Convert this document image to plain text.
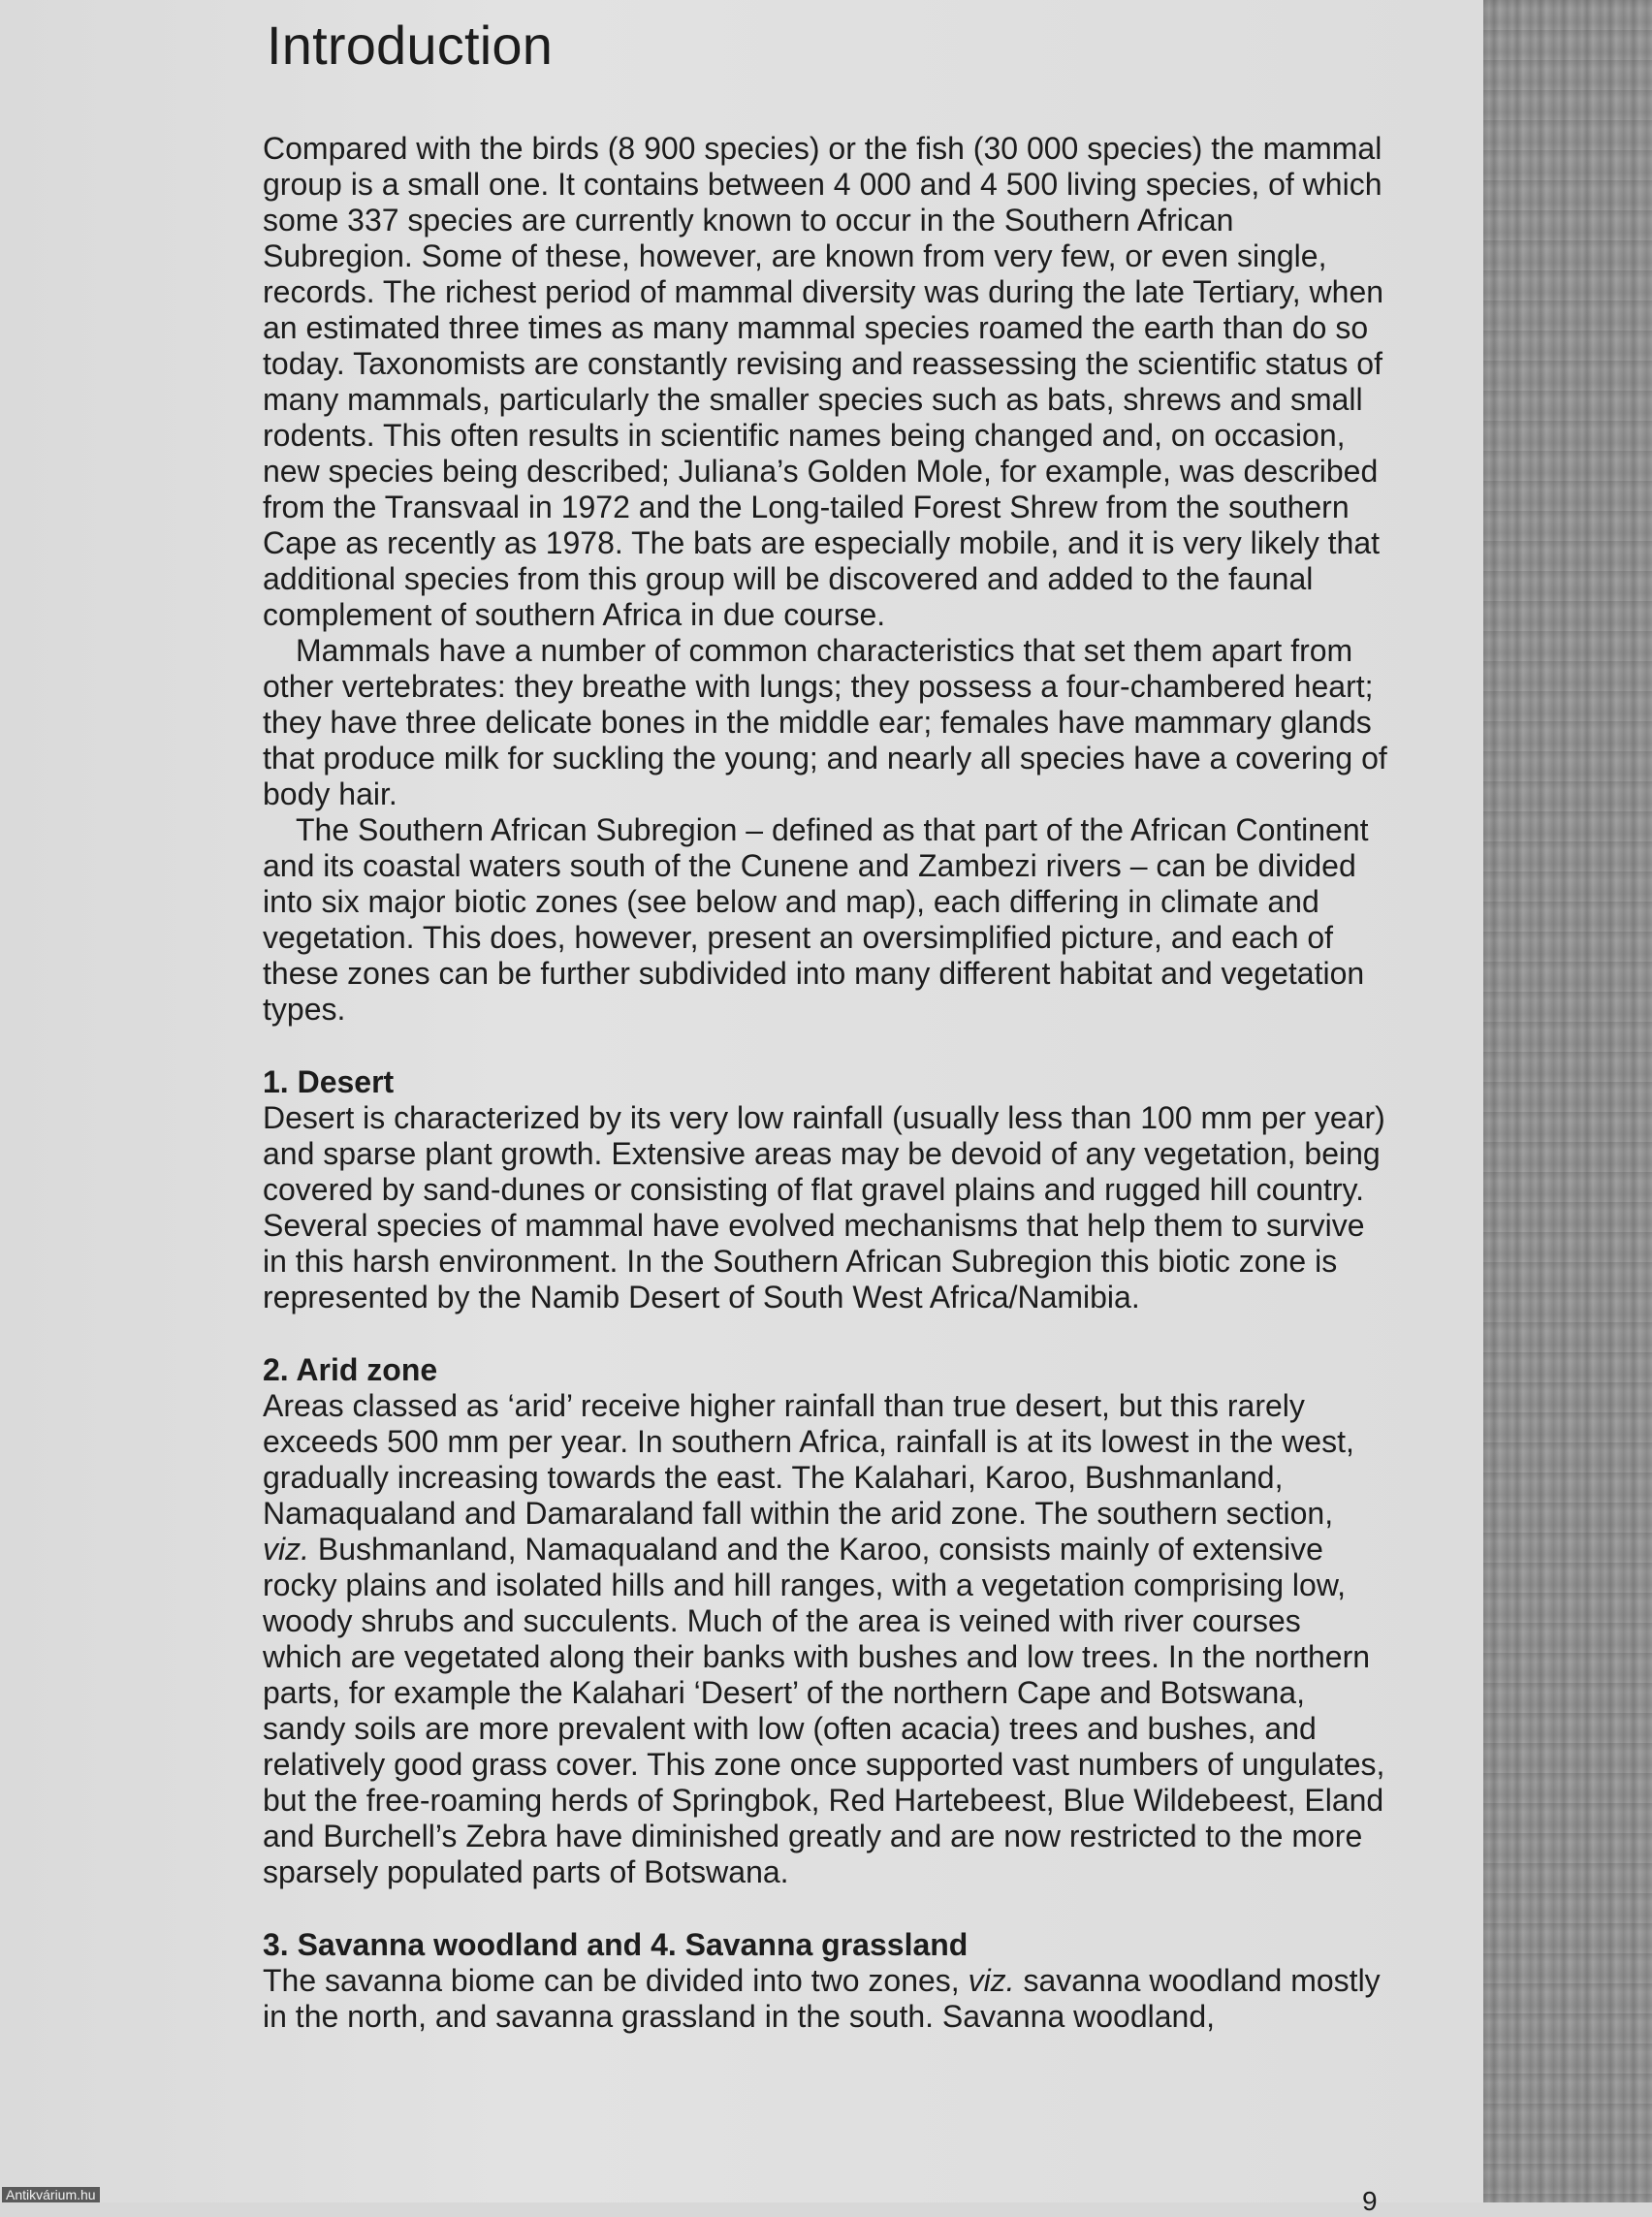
Introduction

Compared with the birds (8 900 species) or the fish (30 000 species) the mammal group is a small one. It contains between 4 000 and 4 500 living species, of which some 337 species are currently known to occur in the Southern African Subregion. Some of these, however, are known from very few, or even single, records. The richest period of mammal diversity was during the late Tertiary, when an estimated three times as many mammal species roamed the earth than do so today. Taxonomists are constantly revising and reassessing the scientific status of many mammals, particularly the smaller species such as bats, shrews and small rodents. This often results in scientific names being changed and, on occasion, new species being described; Juliana’s Golden Mole, for example, was described from the Transvaal in 1972 and the Long-tailed Forest Shrew from the southern Cape as recently as 1978. The bats are especially mobile, and it is very likely that additional species from this group will be discovered and added to the faunal complement of southern Africa in due course.

Mammals have a number of common characteristics that set them apart from other vertebrates: they breathe with lungs; they possess a four-chambered heart; they have three delicate bones in the middle ear; females have mammary glands that produce milk for suckling the young; and nearly all species have a covering of body hair.

The Southern African Subregion – defined as that part of the African Continent and its coastal waters south of the Cunene and Zambezi rivers – can be divided into six major biotic zones (see below and map), each differing in climate and vegetation. This does, however, present an oversimplified picture, and each of these zones can be further subdivided into many different habitat and vegetation types.

1. Desert

Desert is characterized by its very low rainfall (usually less than 100 mm per year) and sparse plant growth. Extensive areas may be devoid of any vegetation, being covered by sand-dunes or consisting of flat gravel plains and rugged hill country. Several species of mammal have evolved mechanisms that help them to survive in this harsh environment. In the Southern African Subregion this biotic zone is represented by the Namib Desert of South West Africa/Namibia.

2. Arid zone

Areas classed as ‘arid’ receive higher rainfall than true desert, but this rarely exceeds 500 mm per year. In southern Africa, rainfall is at its lowest in the west, gradually increasing towards the east. The Kalahari, Karoo, Bushmanland, Namaqualand and Damaraland fall within the arid zone. The southern section, viz. Bushmanland, Namaqualand and the Karoo, consists mainly of extensive rocky plains and isolated hills and hill ranges, with a vegetation comprising low, woody shrubs and succulents. Much of the area is veined with river courses which are vegetated along their banks with bushes and low trees. In the northern parts, for example the Kalahari ‘Desert’ of the northern Cape and Botswana, sandy soils are more prevalent with low (often acacia) trees and bushes, and relatively good grass cover. This zone once supported vast numbers of ungulates, but the free-roaming herds of Springbok, Red Hartebeest, Blue Wildebeest, Eland and Burchell’s Zebra have diminished greatly and are now restricted to the more sparsely populated parts of Botswana.

3. Savanna woodland and 4. Savanna grassland

The savanna biome can be divided into two zones, viz. savanna woodland mostly in the north, and savanna grassland in the south. Savanna woodland,

9
Antikvárium.hu
